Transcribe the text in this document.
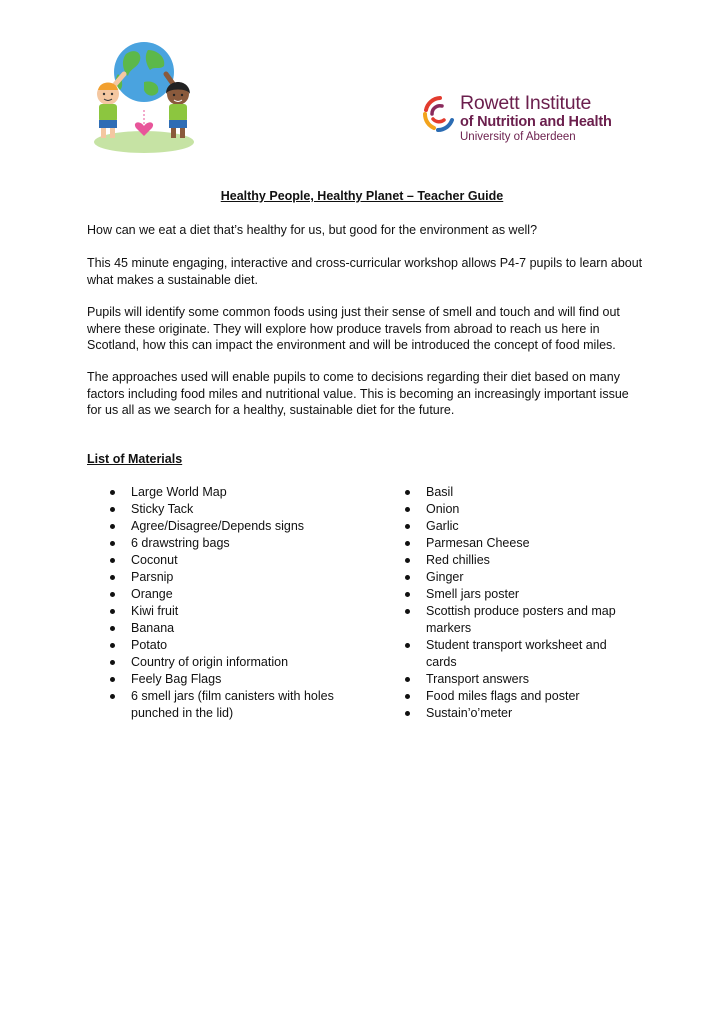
Rowett Institute
of Nutrition and Health
University of Aberdeen
Healthy People, Healthy Planet – Teacher Guide

How can we eat a diet that’s healthy for us, but good for the environment as well?

This 45 minute engaging, interactive and cross-curricular workshop allows P4-7 pupils to learn about what makes a sustainable diet.

Pupils will identify some common foods using just their sense of smell and touch and will find out where these originate. They will explore how produce travels from abroad to reach us here in Scotland, how this can impact the environment and will be introduced the concept of food miles.

The approaches used will enable pupils to come to decisions regarding their diet based on many factors including food miles and nutritional value. This is becoming an increasingly important issue for us all as we search for a healthy, sustainable diet for the future.

List of Materials
Large World Map
Sticky Tack
Agree/Disagree/Depends signs
6 drawstring bags
Coconut
Parsnip
Orange
Kiwi fruit
Banana
Potato
Country of origin information
Feely Bag Flags
6 smell jars (film canisters with holes punched in the lid)
Basil
Onion
Garlic
Parmesan Cheese
Red chillies
Ginger
Smell jars poster
Scottish produce posters and map markers
Student transport worksheet and cards
Transport answers
Food miles flags and poster
Sustain’o’meter
